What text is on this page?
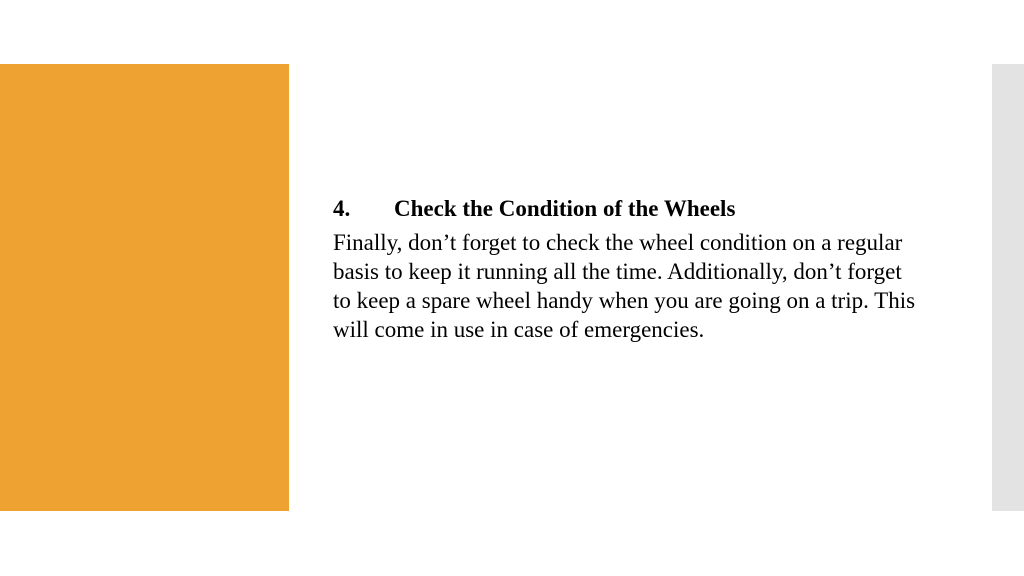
4.	Check the Condition of the Wheels

Finally, don’t forget to check the wheel condition on a regular basis to keep it running all the time. Additionally, don’t forget to keep a spare wheel handy when you are going on a trip. This will come in use in case of emergencies.
